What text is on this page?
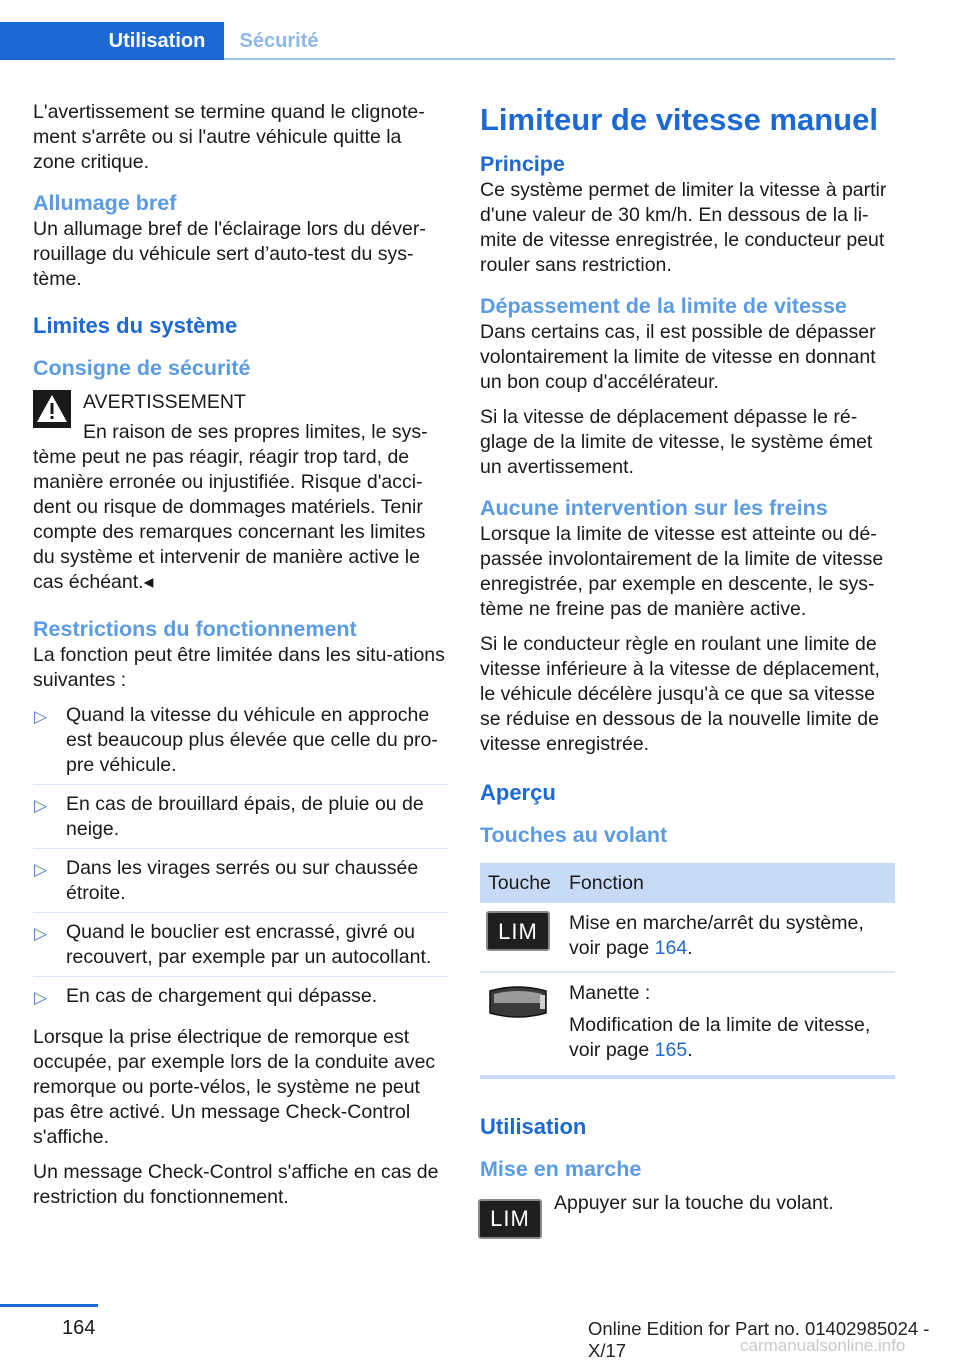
Utilisation	Sécurité

L'avertissement se termine quand le clignote-ment s'arrête ou si l'autre véhicule quitte la zone critique.

Allumage bref

Un allumage bref de l'éclairage lors du déver-rouillage du véhicule sert d’auto-test du sys-tème.

Limites du système
Consigne de sécurité
AVERTISSEMENT

En raison de ses propres limites, le sys-tème peut ne pas réagir, réagir trop tard, de manière erronée ou injustifiée. Risque d'acci-dent ou risque de dommages matériels. Tenir compte des remarques concernant les limites du système et intervenir de manière active le cas échéant.◂

Restrictions du fonctionnement

La fonction peut être limitée dans les situ-ations suivantes :

▷ Quand la vitesse du véhicule en approche est beaucoup plus élevée que celle du pro-pre véhicule.
▷ En cas de brouillard épais, de pluie ou de neige.
▷ Dans les virages serrés ou sur chaussée étroite.
▷ Quand le bouclier est encrassé, givré ou recouvert, par exemple par un autocollant.
▷ En cas de chargement qui dépasse.

Lorsque la prise électrique de remorque est occupée, par exemple lors de la conduite avec remorque ou porte-vélos, le système ne peut pas être activé. Un message Check-Control s'affiche.

Un message Check-Control s'affiche en cas de restriction du fonctionnement.

Limiteur de vitesse manuel
Principe

Ce système permet de limiter la vitesse à partir d'une valeur de 30 km/h. En dessous de la li-mite de vitesse enregistrée, le conducteur peut rouler sans restriction.

Dépassement de la limite de vitesse

Dans certains cas, il est possible de dépasser volontairement la limite de vitesse en donnant un bon coup d'accélérateur.

Si la vitesse de déplacement dépasse le ré-glage de la limite de vitesse, le système émet un avertissement.

Aucune intervention sur les freins

Lorsque la limite de vitesse est atteinte ou dé-passée involontairement de la limite de vitesse enregistrée, par exemple en descente, le sys-tème ne freine pas de manière active.

Si le conducteur règle en roulant une limite de vitesse inférieure à la vitesse de déplacement, le véhicule décélère jusqu'à ce que sa vitesse se réduise en dessous de la nouvelle limite de vitesse enregistrée.

Aperçu
Touches au volant
Touche	Fonction

LIM	Mise en marche/arrêt du système, voir page 164.

Manette :
Modification de la limite de vitesse, voir page 165.
Utilisation
Mise en marche
LIM

Appuyer sur la touche du volant.

164	Online Edition for Part no. 01402985024 - X/17	carmanualsonline.info
